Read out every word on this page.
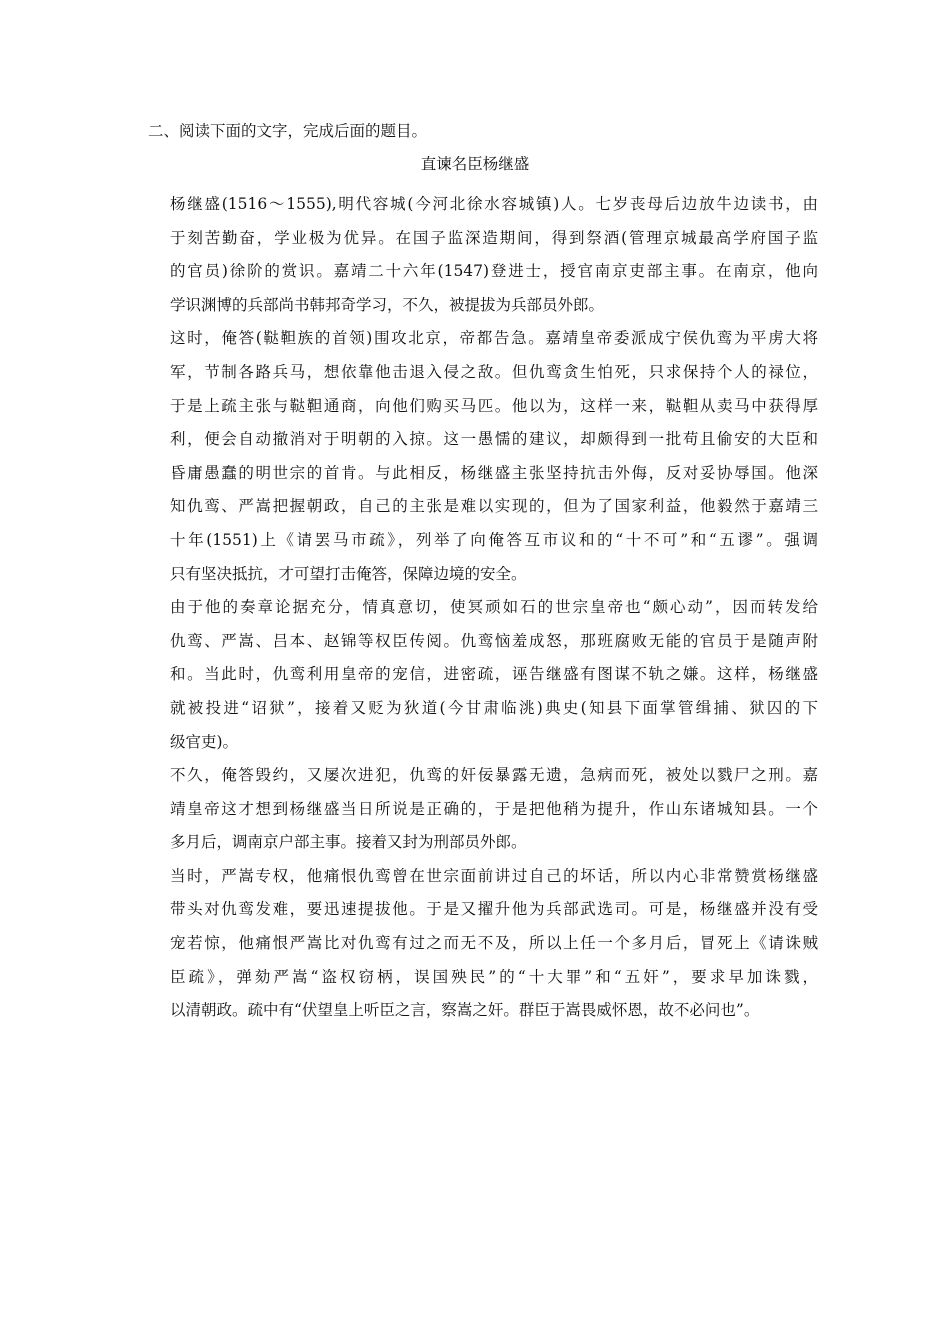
二、阅读下面的文字，完成后面的题目。
直谏名臣杨继盛

杨继盛(1516～1555),明代容城(今河北徐水容城镇)人。七岁丧母后边放牛边读书，由
于刻苦勤奋，学业极为优异。在国子监深造期间，得到祭酒(管理京城最高学府国子监
的官员)徐阶的赏识。嘉靖二十六年(1547)登进士，授官南京吏部主事。在南京，他向
学识渊博的兵部尚书韩邦奇学习，不久，被提拔为兵部员外郎。

这时，俺答(鞑靼族的首领)围攻北京，帝都告急。嘉靖皇帝委派成宁侯仇鸾为平虏大将
军，节制各路兵马，想依靠他击退入侵之敌。但仇鸾贪生怕死，只求保持个人的禄位，
于是上疏主张与鞑靼通商，向他们购买马匹。他以为，这样一来，鞑靼从卖马中获得厚
利，便会自动撤消对于明朝的入掠。这一愚懦的建议，却颇得到一批苟且偷安的大臣和
昏庸愚蠢的明世宗的首肯。与此相反，杨继盛主张坚持抗击外侮，反对妥协辱国。他深
知仇鸾、严嵩把握朝政，自己的主张是难以实现的，但为了国家利益，他毅然于嘉靖三
十年(1551)上《请罢马市疏》，列举了向俺答互市议和的“十不可”和“五谬”。强调
只有坚决抵抗，才可望打击俺答，保障边境的安全。

由于他的奏章论据充分，情真意切，使冥顽如石的世宗皇帝也“颇心动”，因而转发给
仇鸾、严嵩、吕本、赵锦等权臣传阅。仇鸾恼羞成怒，那班腐败无能的官员于是随声附
和。当此时，仇鸾利用皇帝的宠信，进密疏，诬告继盛有图谋不轨之嫌。这样，杨继盛
就被投进“诏狱”，接着又贬为狄道(今甘肃临洮)典史(知县下面掌管缉捕、狱囚的下
级官吏)。

不久，俺答毁约，又屡次进犯，仇鸾的奸佞暴露无遗，急病而死，被处以戮尸之刑。嘉
靖皇帝这才想到杨继盛当日所说是正确的，于是把他稍为提升，作山东诸城知县。一个
多月后，调南京户部主事。接着又封为刑部员外郎。

当时，严嵩专权，他痛恨仇鸾曾在世宗面前讲过自己的坏话，所以内心非常赞赏杨继盛
带头对仇鸾发难，要迅速提拔他。于是又擢升他为兵部武选司。可是，杨继盛并没有受
宠若惊，他痛恨严嵩比对仇鸾有过之而无不及，所以上任一个多月后，冒死上《请诛贼
臣疏》，弹劾严嵩“盗权窃柄，误国殃民”的“十大罪”和“五奸”，要求早加诛戮，
以清朝政。疏中有“伏望皇上听臣之言，察嵩之奸。群臣于嵩畏威怀恩，故不必问也”。
